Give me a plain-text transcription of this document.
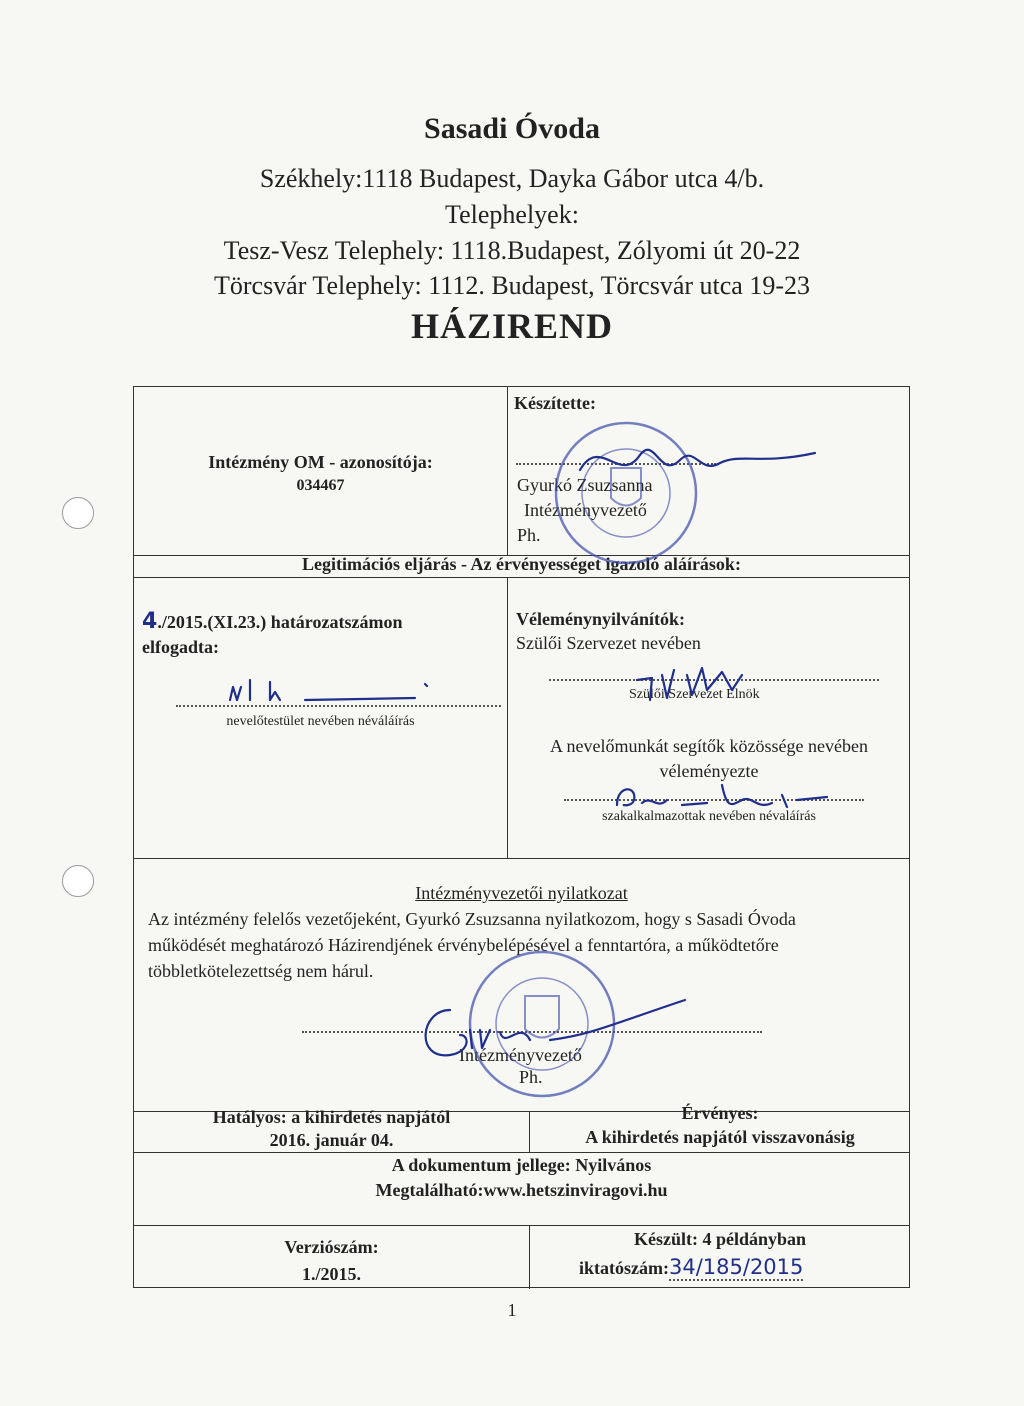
Sasadi Óvoda
Székhely:1118 Budapest, Dayka Gábor utca 4/b.
Telephelyek:
Tesz-Vesz Telephely: 1118.Budapest, Zólyomi út 20-22
Törcsvár Telephely: 1112. Budapest, Törcsvár utca 19-23
HÁZIREND
Intézmény OM - azonosítója:
034467
Készítette:
Gyurkó Zsuzsanna
Intézményvezető
Ph.
Legitimációs eljárás - Az érvényességet igazoló aláírások:
4./2015.(XI.23.) határozatszámon
elfogadta:
nevelőtestület nevében néváláírás
Véleménynyilvánítók:
Szülői Szervezet nevében
Szülői Szervezet Elnök
A nevelőmunkát segítők közössége nevében
véleményezte
szakalkalmazottak nevében névaláírás
Intézményvezetői nyilatkozat
Az intézmény felelős vezetőjeként, Gyurkó Zsuzsanna nyilatkozom, hogy s Sasadi Óvoda
működését meghatározó Házirendjének érvénybelépésével a fenntartóra, a működtetőre
többletkötelezettség nem hárul.
Intézményvezető
Ph.
Hatályos: a kihirdetés napjától
2016. január 04.
Érvényes:
A kihirdetés napjától visszavonásig
A dokumentum jellege: Nyilvános
Megtalálható:www.hetszinviragovi.hu
Verziószám:
1./2015.
Készült: 4 példányban
iktatószám:34/185/2015
1
